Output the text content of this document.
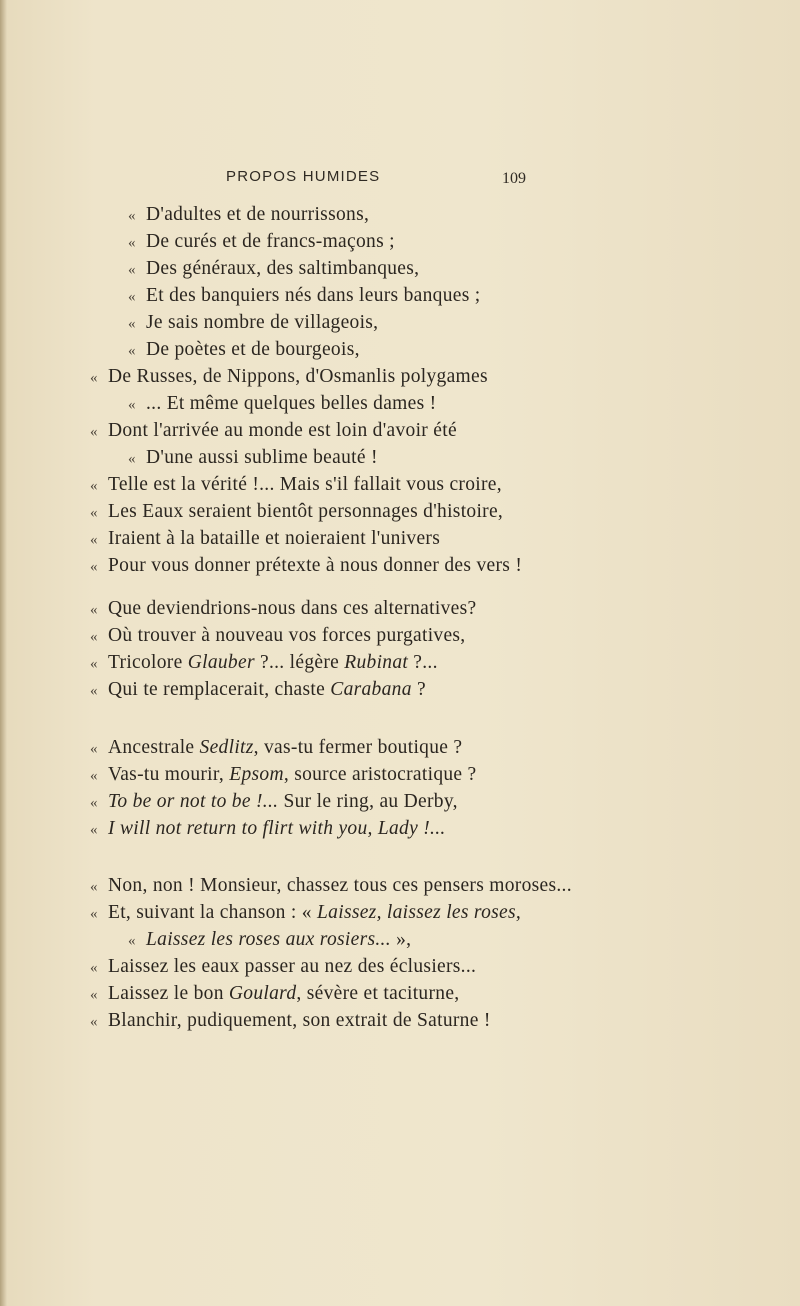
PROPOS HUMIDES	109
« D'adultes et de nourrissons,
« De curés et de francs-maçons ;
« Des généraux, des saltimbanques,
« Et des banquiers nés dans leurs banques ;
« Je sais nombre de villageois,
« De poètes et de bourgeois,
« De Russes, de Nippons, d'Osmanlis polygames
« ... Et même quelques belles dames !
« Dont l'arrivée au monde est loin d'avoir été
« D'une aussi sublime beauté !
« Telle est la vérité !... Mais s'il fallait vous croire,
« Les Eaux seraient bientôt personnages d'histoire,
« Iraient à la bataille et noieraient l'univers
« Pour vous donner prétexte à nous donner des vers !
« Que deviendrions-nous dans ces alternatives?
« Où trouver à nouveau vos forces purgatives,
« Tricolore Glauber ?... légère Rubinat ?...
« Qui te remplacerait, chaste Carabana ?
« Ancestrale Sedlitz, vas-tu fermer boutique ?
« Vas-tu mourir, Epsom, source aristocratique ?
« To be or not to be !... Sur le ring, au Derby,
« I will not return to flirt with you, Lady !...
« Non, non ! Monsieur, chassez tous ces pensers moroses...
« Et, suivant la chanson : « Laissez, laissez les roses,
« Laissez les roses aux rosiers... »,
« Laissez les eaux passer au nez des éclusiers...
« Laissez le bon Goulard, sévère et taciturne,
« Blanchir, pudiquement, son extrait de Saturne !
